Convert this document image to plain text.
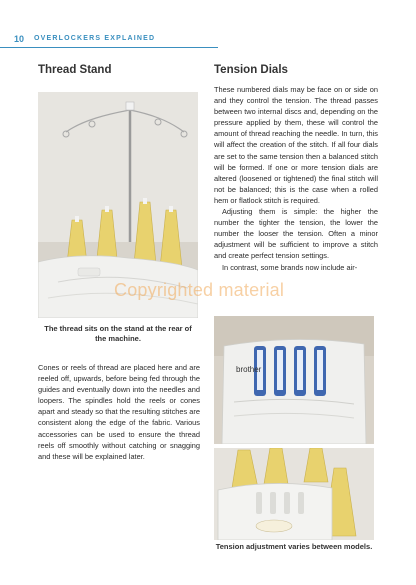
10 OVERLOCKERS EXPLAINED
Thread Stand	Tension Dials
The thread sits on the stand at the rear of the machine.
Cones or reels of thread are placed here and are reeled off, upwards, before being fed through the guides and eventually down into the needles and loopers. The spindles hold the reels or cones apart and steady so that the resulting stitches are consistent along the edge of the fabric. Various accessories can be used to ensure the thread reels off smoothly without catching or snagging and these will be explained later.
These numbered dials may be face on or side on and they control the tension. The thread passes between two internal discs and, depending on the pressure applied by them, these will control the amount of thread reaching the needle. In turn, this will affect the creation of the stitch. If all four dials are set to the same tension then a balanced stitch will be formed. If one or more tension dials are altered (loosened or tightened) the final stitch will not be balanced; this is the case when a rolled hem or flatlock stitch is required.
Adjusting them is simple: the higher the number the tighter the tension, the lower the number the looser the tension. Often a minor adjustment will be sufficient to improve a stitch and create perfect tension settings.
In contrast, some brands now include air-
Copyrighted material
brother
Tension adjustment varies between models.
